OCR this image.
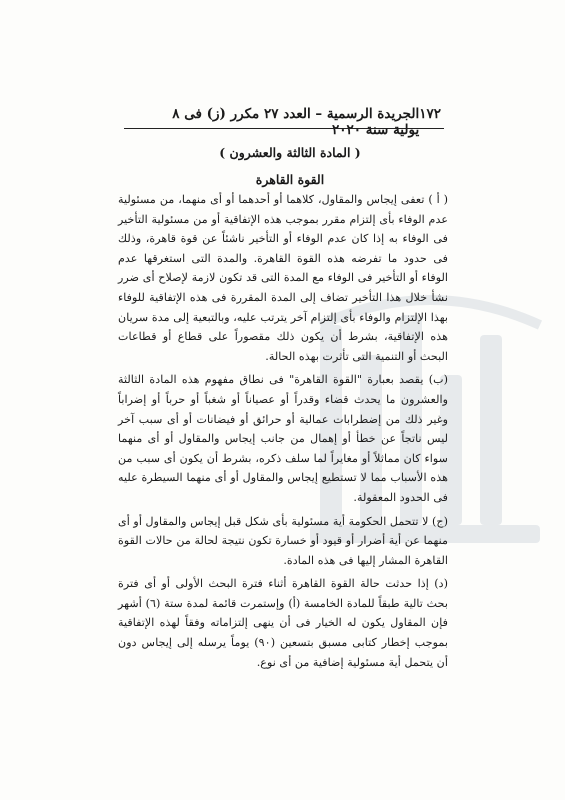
١٧٢
الجريدة الرسمية – العدد ٢٧ مكرر (ز) فى ٨ يولية سنة ٢٠٢٠
( المادة الثالثة والعشرون )
القوة القاهرة

( أ ) تعفى إيجاس والمقاول، كلاهما أو أحدهما أو أى منهما، من مسئولية عدم الوفاء بأى إلتزام مقرر بموجب هذه الإتفاقية أو من مسئولية التأخير فى الوفاء به إذا كان عدم الوفاء أو التأخير ناشئاً عن قوة قاهرة، وذلك فى حدود ما تفرضه هذه القوة القاهرة. والمدة التى استغرقها عدم الوفاء أو التأخير فى الوفاء مع المدة التى قد تكون لازمة لإصلاح أى ضرر نشأ خلال هذا التأخير تضاف إلى المدة المقررة فى هذه الإتفاقية للوفاء بهذا الإلتزام والوفاء بأى إلتزام آخر يترتب عليه، وبالتبعية إلى مدة سريان هذه الإتفاقية، بشرط أن يكون ذلك مقصوراً على قطاع أو قطاعات البحث أو التنمية التى تأثرت بهذه الحالة.

(ب) يقصد بعبارة "القوة القاهرة" فى نطاق مفهوم هذه المادة الثالثة والعشرون ما يحدث قضاء وقدراً أو عصياناً أو شغباً أو حرباً أو إضراباً وغير ذلك من إضطرابات عمالية أو حرائق أو فيضانات أو أى سبب آخر ليس ناتجاً عن خطأ أو إهمال من جانب إيجاس والمقاول أو أى منهما سواء كان مماثلاً أو مغايراً لما سلف ذكره، بشرط أن يكون أى سبب من هذه الأسباب مما لا تستطيع إيجاس والمقاول أو أى منهما السيطرة عليه فى الحدود المعقولة.

(ج) لا تتحمل الحكومة أية مسئولية بأى شكل قبل إيجاس والمقاول أو أى منهما عن أية أضرار أو قيود أو خسارة تكون نتيجة لحالة من حالات القوة القاهرة المشار إليها فى هذه المادة.

(د) إذا حدثت حالة القوة القاهرة أثناء فترة البحث الأولى أو أى فترة بحث تالية طبقاً للمادة الخامسة (أ) وإستمرت قائمة لمدة ستة (٦) أشهر فإن المقاول يكون له الخيار فى أن ينهى إلتزاماته وفقاً لهذه الإتفاقية بموجب إخطار كتابى مسبق بتسعين (٩٠) يوماً يرسله إلى إيجاس دون أن يتحمل أية مسئولية إضافية من أى نوع.
